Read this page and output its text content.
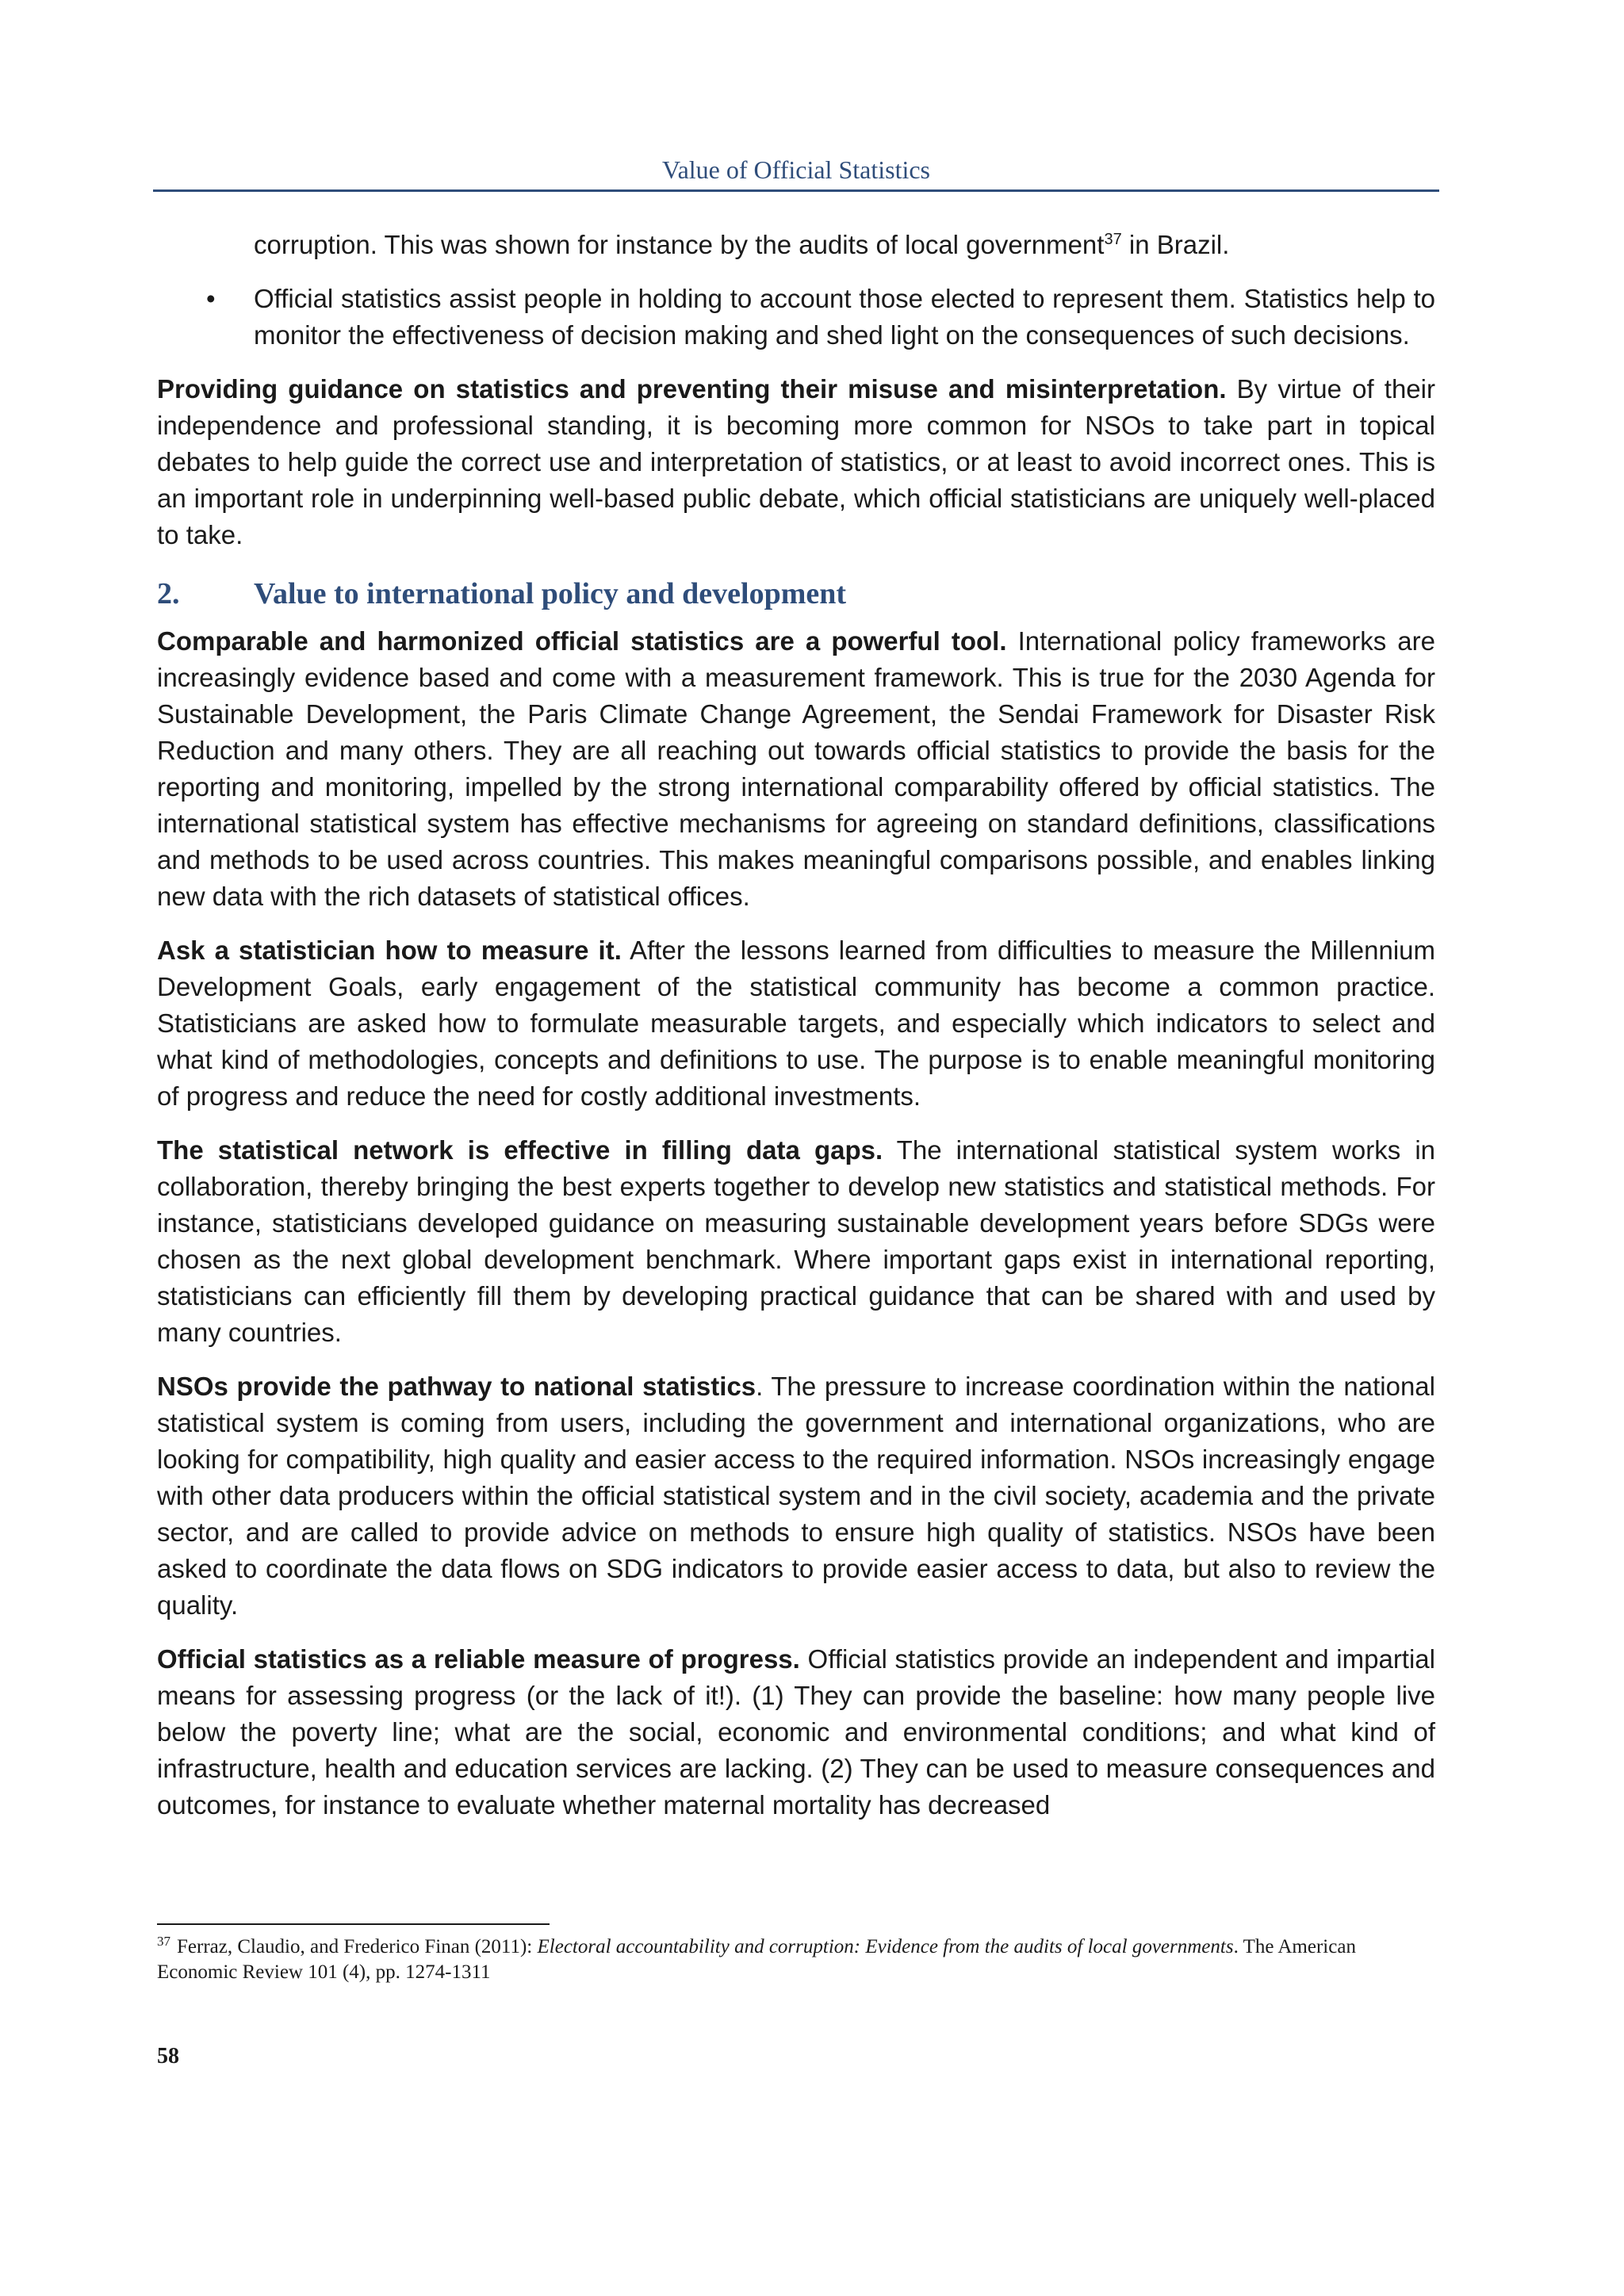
Value of Official Statistics

corruption. This was shown for instance by the audits of local government$^{37}$ in Brazil.

• Official statistics assist people in holding to account those elected to represent them. Statistics help to monitor the effectiveness of decision making and shed light on the consequences of such decisions.

Providing guidance on statistics and preventing their misuse and misinterpretation. By virtue of their independence and professional standing, it is becoming more common for NSOs to take part in topical debates to help guide the correct use and interpretation of statistics, or at least to avoid incorrect ones. This is an important role in underpinning well-based public debate, which official statisticians are uniquely well-placed to take.

2. Value to international policy and development

Comparable and harmonized official statistics are a powerful tool. International policy frameworks are increasingly evidence based and come with a measurement framework. This is true for the 2030 Agenda for Sustainable Development, the Paris Climate Change Agreement, the Sendai Framework for Disaster Risk Reduction and many others. They are all reaching out towards official statistics to provide the basis for the reporting and monitoring, impelled by the strong international comparability offered by official statistics. The international statistical system has effective mechanisms for agreeing on standard definitions, classifications and methods to be used across countries. This makes meaningful comparisons possible, and enables linking new data with the rich datasets of statistical offices.

Ask a statistician how to measure it. After the lessons learned from difficulties to measure the Millennium Development Goals, early engagement of the statistical community has become a common practice. Statisticians are asked how to formulate measurable targets, and especially which indicators to select and what kind of methodologies, concepts and definitions to use. The purpose is to enable meaningful monitoring of progress and reduce the need for costly additional investments.

The statistical network is effective in filling data gaps. The international statistical system works in collaboration, thereby bringing the best experts together to develop new statistics and statistical methods. For instance, statisticians developed guidance on measuring sustainable development years before SDGs were chosen as the next global development benchmark. Where important gaps exist in international reporting, statisticians can efficiently fill them by developing practical guidance that can be shared with and used by many countries.

NSOs provide the pathway to national statistics. The pressure to increase coordination within the national statistical system is coming from users, including the government and international organizations, who are looking for compatibility, high quality and easier access to the required information. NSOs increasingly engage with other data producers within the official statistical system and in the civil society, academia and the private sector, and are called to provide advice on methods to ensure high quality of statistics. NSOs have been asked to coordinate the data flows on SDG indicators to provide easier access to data, but also to review the quality.

Official statistics as a reliable measure of progress. Official statistics provide an independent and impartial means for assessing progress (or the lack of it!). (1) They can provide the baseline: how many people live below the poverty line; what are the social, economic and environmental conditions; and what kind of infrastructure, health and education services are lacking. (2) They can be used to measure consequences and outcomes, for instance to evaluate whether maternal mortality has decreased

$^{37}$ Ferraz, Claudio, and Frederico Finan (2011): Electoral accountability and corruption: Evidence from the audits of local governments. The American Economic Review 101 (4), pp. 1274-1311
58
